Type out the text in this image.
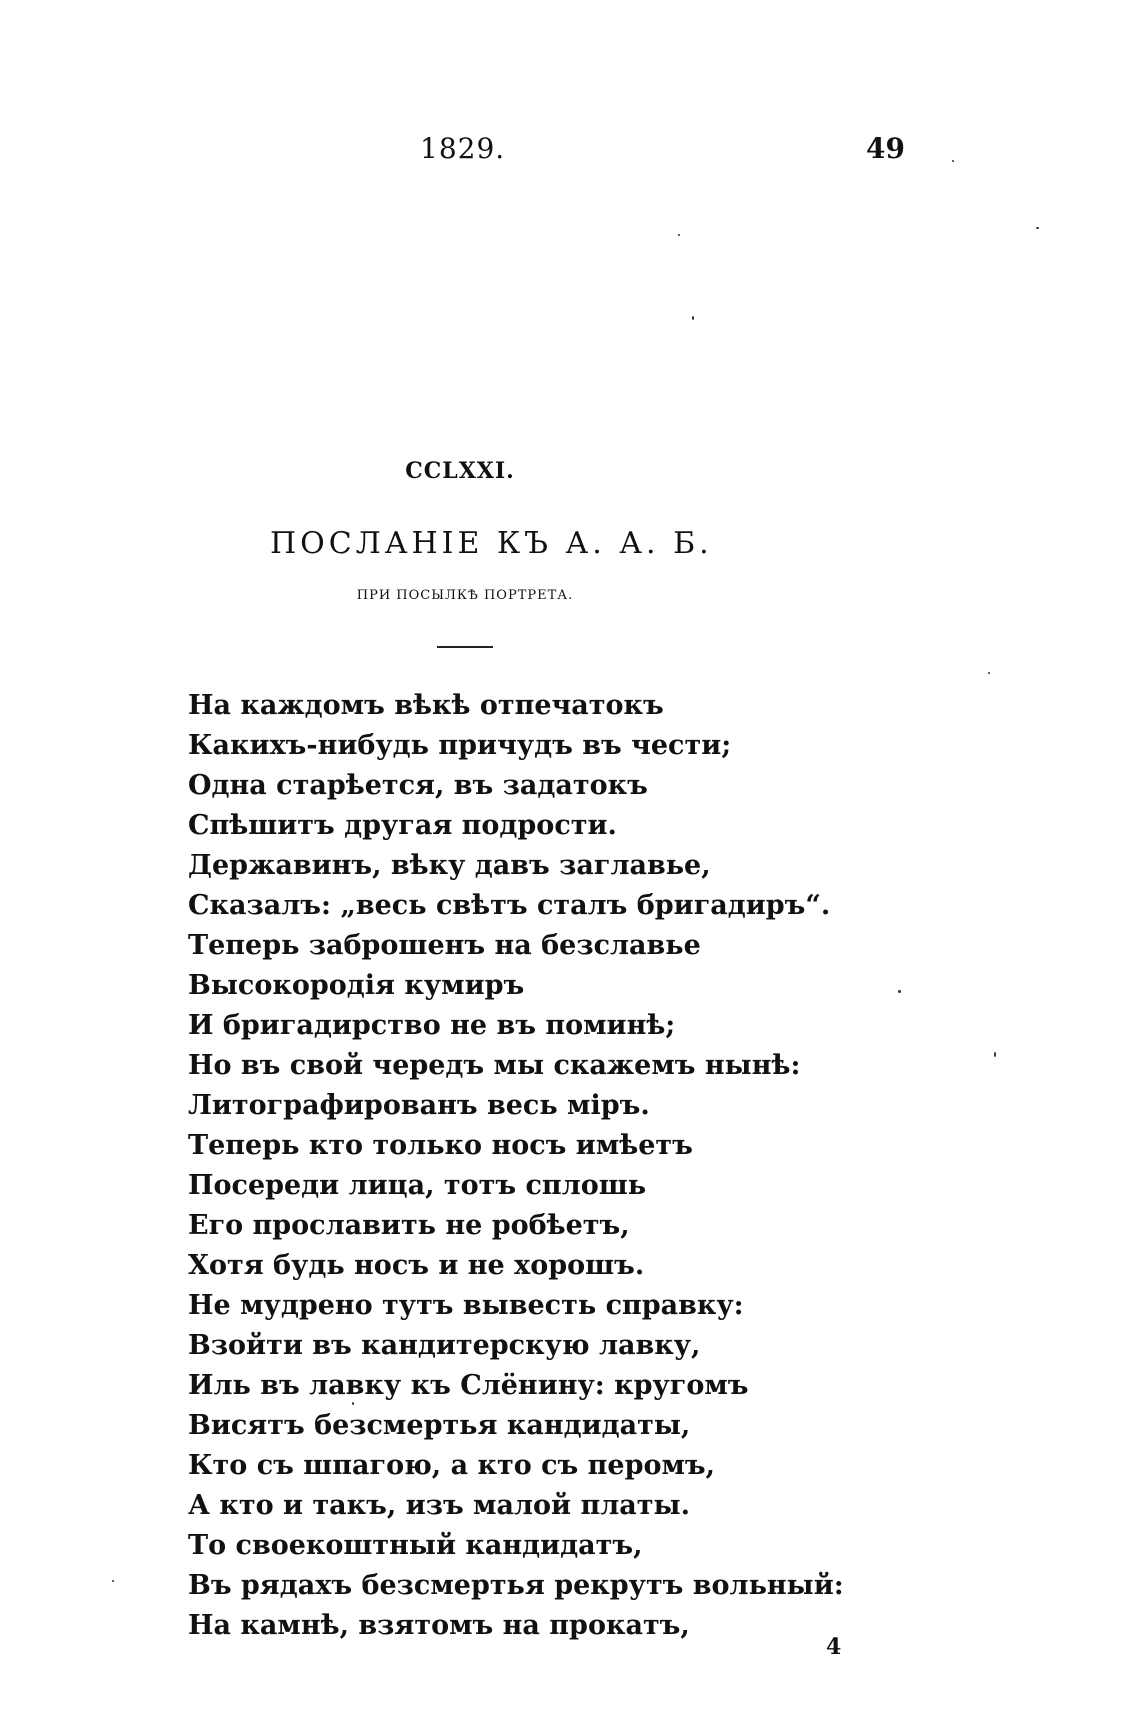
1829.	49
CCLXXI.
ПОСЛАНІЕ КЪ А. А. Б.
ПРИ ПОСЫЛКѢ ПОРТРЕТА.
На каждомъ вѣкѣ отпечатокъ
Какихъ-нибудь причудъ въ чести;
Одна старѣется, въ задатокъ
Спѣшитъ другая подрости.
Державинъ, вѣку давъ заглавье,
Сказалъ: „весь свѣтъ сталъ бригадиръ“.
Теперь заброшенъ на безславье
Высокородія кумиръ
И бригадирство не въ поминѣ;
Но въ свой чередъ мы скажемъ нынѣ:
Литографированъ весь міръ.
Теперь кто только носъ имѣетъ
Посереди лица, тотъ сплошь
Его прославить не робѣетъ,
Хотя будь носъ и не хорошъ.
Не мудрено тутъ вывесть справку:
Взойти въ кандитерскую лавку,
Иль въ лавку къ Слёнину: кругомъ
Висятъ безсмертья кандидаты,
Кто съ шпагою, а кто съ перомъ,
А кто и такъ, изъ малой платы.
То своекоштный кандидатъ,
Въ рядахъ безсмертья рекрутъ вольный:
На камнѣ, взятомъ на прокатъ,
4
